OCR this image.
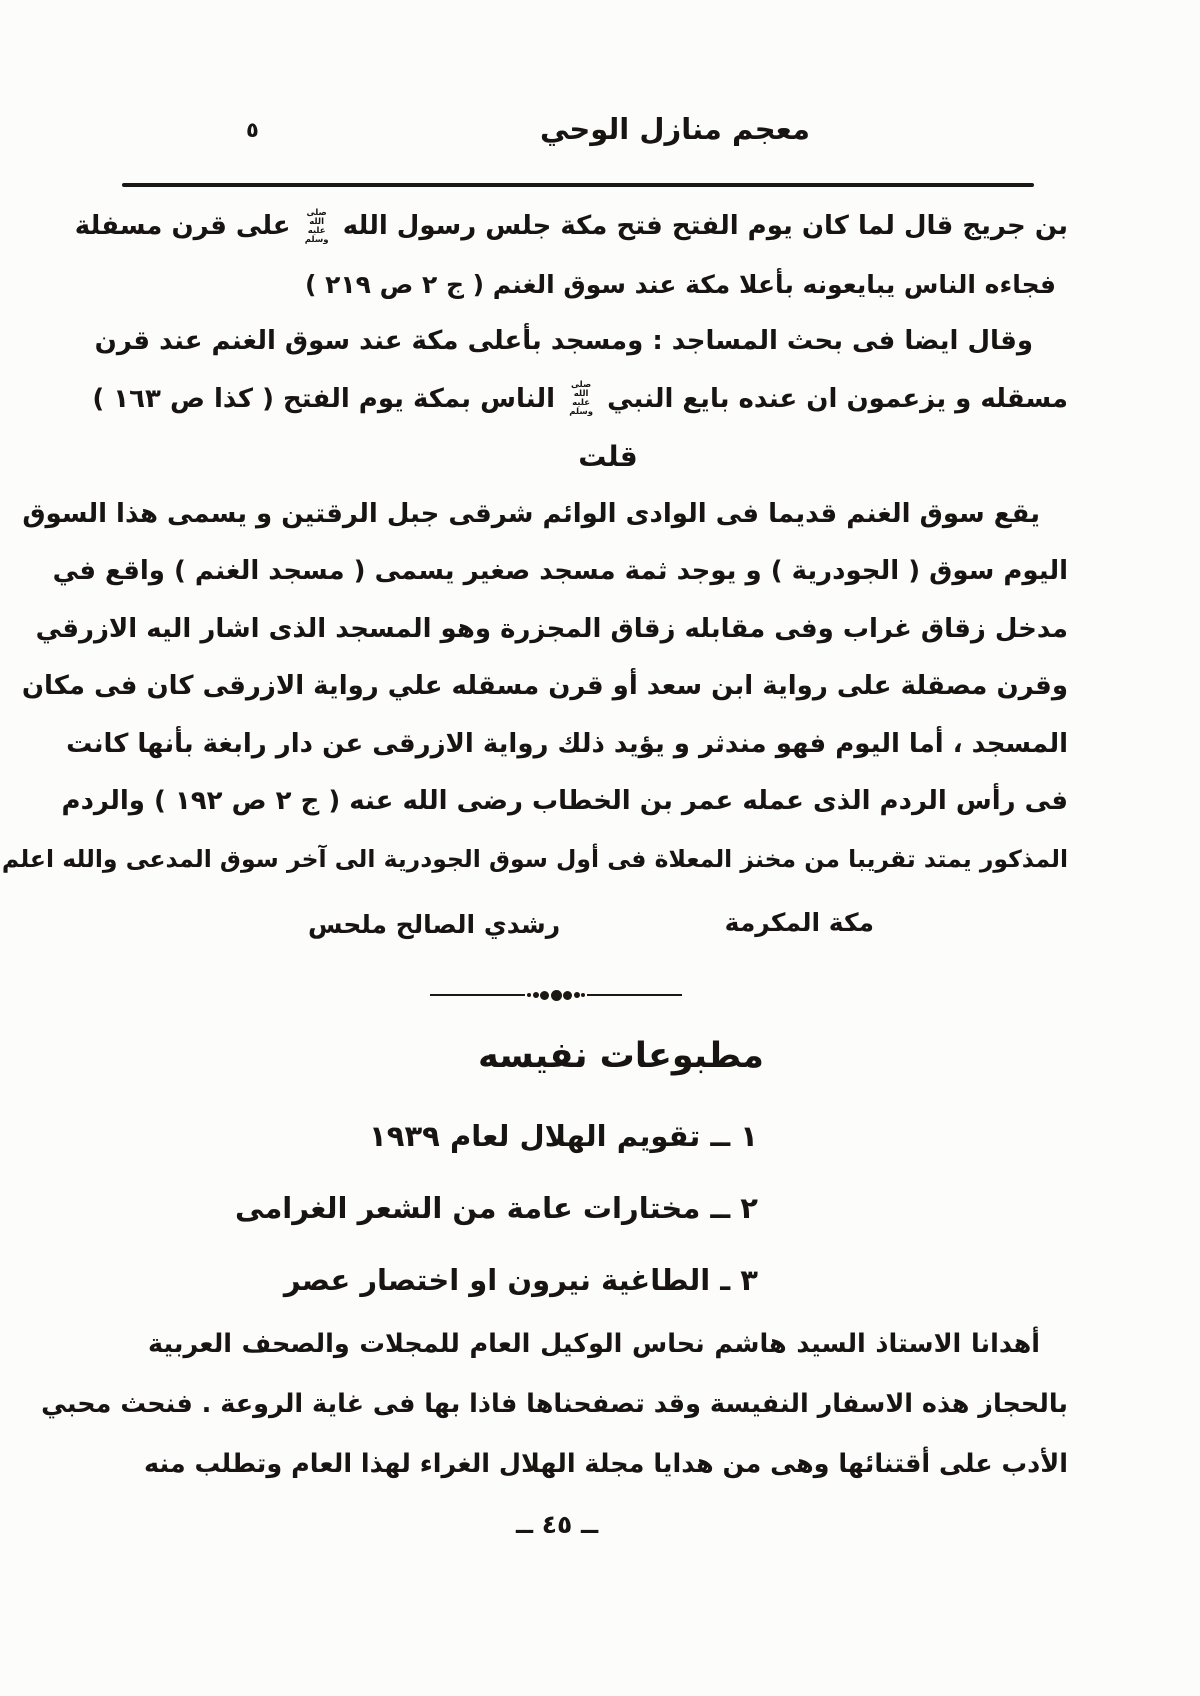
معجم منازل الوحي
٥
بن جريج قال لما كان يوم الفتح فتح مكة جلس رسول الله صلى الله عليه وسلم على قرن مسفلة
فجاءه الناس يبايعونه بأعلا مكة عند سوق الغنم ( ج ٢ ص ٢١٩ )
وقال ايضا فى بحث المساجد : ومسجد بأعلى مكة عند سوق الغنم عند قرن
مسقله و يزعمون ان عنده بايع النبي صلى الله عليه وسلم الناس بمكة يوم الفتح ( كذا ص ١٦٣ )
قلت
يقع سوق الغنم قديما فى الوادى الوائم شرقى جبل الرقتين و يسمى هذا السوق
اليوم سوق ( الجودرية ) و يوجد ثمة مسجد صغير يسمى ( مسجد الغنم ) واقع في
مدخل زقاق غراب وفى مقابله زقاق المجزرة وهو المسجد الذى اشار اليه الازرقي
وقرن مصقلة على رواية ابن سعد أو قرن مسقله علي رواية الازرقى كان فى مكان
المسجد ، أما اليوم فهو مندثر و يؤيد ذلك رواية الازرقى عن دار رابغة بأنها كانت
فى رأس الردم الذى عمله عمر بن الخطاب رضى الله عنه ( ج ٢ ص ١٩٢ ) والردم
المذكور يمتد تقريبا من مخنز المعلاة فى أول سوق الجودرية الى آخر سوق المدعى والله اعلم
مكة المكرمة
رشدي الصالح ملحس
مطبوعات نفيسه
١ ــ تقويم الهلال لعام ١٩٣٩
٢ ــ مختارات عامة من الشعر الغرامى
٣ ـ الطاغية نيرون او اختصار عصر
أهدانا الاستاذ السيد هاشم نحاس الوكيل العام للمجلات والصحف العربية
بالحجاز هذه الاسفار النفيسة وقد تصفحناها فاذا بها فى غاية الروعة . فنحث محبي
الأدب على أقتنائها وهى من هدايا مجلة الهلال الغراء لهذا العام وتطلب منه
ــ ٤٥ ــ
